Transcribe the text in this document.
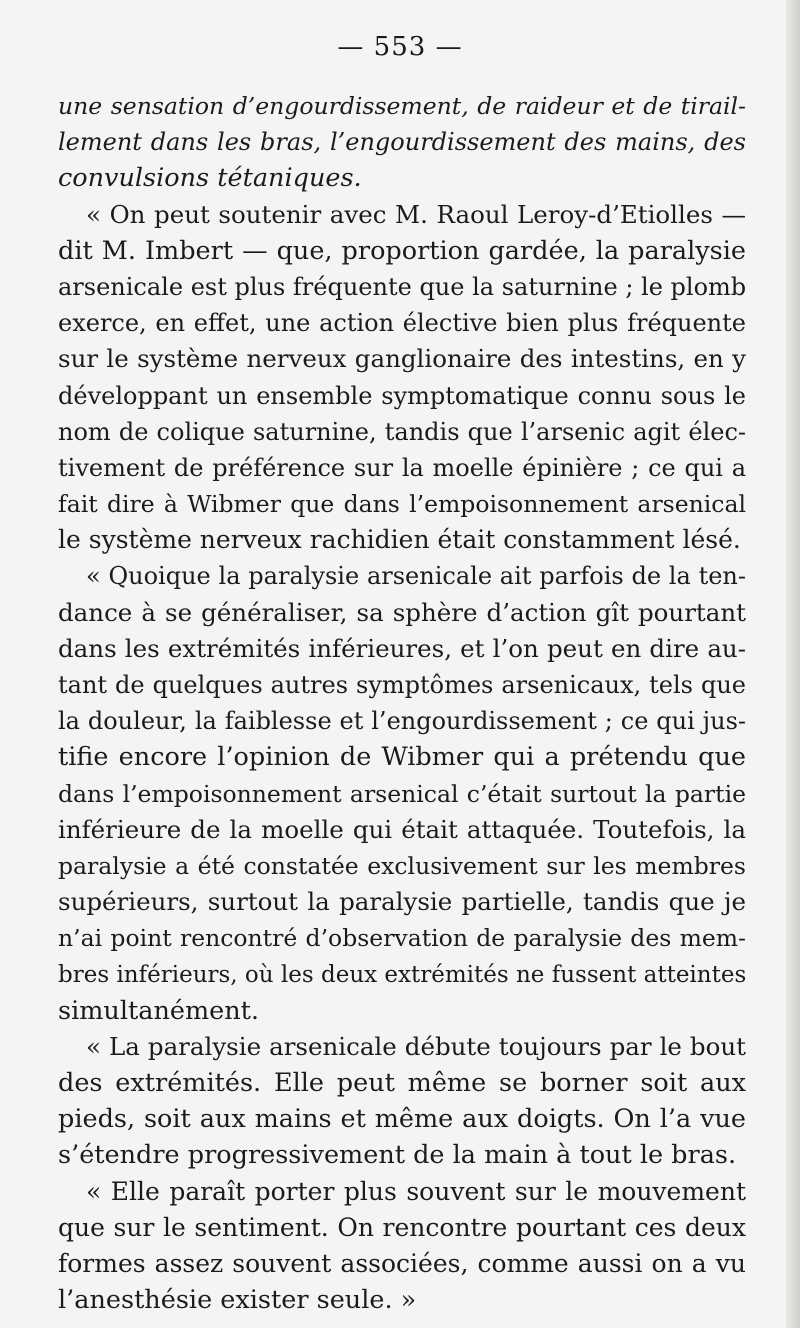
— 553 —
une sensation d’engourdissement, de raideur et de tirail-
lement dans les bras, l’engourdissement des mains, des
convulsions tétaniques.
« On peut soutenir avec M. Raoul Leroy-d’Etiolles —
dit M. Imbert — que, proportion gardée, la paralysie
arsenicale est plus fréquente que la saturnine ; le plomb
exerce, en effet, une action élective bien plus fréquente
sur le système nerveux ganglionaire des intestins, en y
développant un ensemble symptomatique connu sous le
nom de colique saturnine, tandis que l’arsenic agit élec-
tivement de préférence sur la moelle épinière ; ce qui a
fait dire à Wibmer que dans l’empoisonnement arsenical
le système nerveux rachidien était constamment lésé.
« Quoique la paralysie arsenicale ait parfois de la ten-
dance à se généraliser, sa sphère d’action gît pourtant
dans les extrémités inférieures, et l’on peut en dire au-
tant de quelques autres symptômes arsenicaux, tels que
la douleur, la faiblesse et l’engourdissement ; ce qui jus-
tifie encore l’opinion de Wibmer qui a prétendu que
dans l’empoisonnement arsenical c’était surtout la partie
inférieure de la moelle qui était attaquée. Toutefois, la
paralysie a été constatée exclusivement sur les membres
supérieurs, surtout la paralysie partielle, tandis que je
n’ai point rencontré d’observation de paralysie des mem-
bres inférieurs, où les deux extrémités ne fussent atteintes
simultanément.
« La paralysie arsenicale débute toujours par le bout
des extrémités. Elle peut même se borner soit aux
pieds, soit aux mains et même aux doigts. On l’a vue
s’étendre progressivement de la main à tout le bras.
« Elle paraît porter plus souvent sur le mouvement
que sur le sentiment. On rencontre pourtant ces deux
formes assez souvent associées, comme aussi on a vu
l’anesthésie exister seule. »
